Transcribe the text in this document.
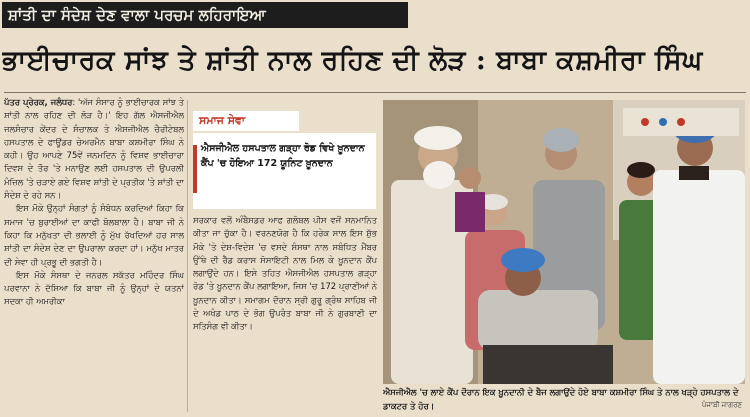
ਸ਼ਾਂਤੀ ਦਾ ਸੰਦੇਸ਼ ਦੇਣ ਵਾਲਾ ਪਰਚਮ ਲਹਿਰਾਇਆ
ਭਾਈਚਾਰਕ ਸਾਂਝ ਤੇ ਸ਼ਾਂਤੀ ਨਾਲ ਰਹਿਣ ਦੀ ਲੋੜ : ਬਾਬਾ ਕਸ਼ਮੀਰਾ ਸਿੰਘ

ਪੱਤਰ ਪ੍ਰੇਰਕ, ਜਲੰਧਰ: 'ਅੱਜ ਸੰਸਾਰ ਨੂੰ ਭਾਈਚਾਰਕ ਸਾਂਝ ਤੇ ਸ਼ਾਂਤੀ ਨਾਲ ਰਹਿਣ ਦੀ ਲੋੜ ਹੈ।' ਇਹ ਗੱਲ ਐਸਜੀਐਲ ਜਲਸੰਚਾਰ ਕੇਂਦਰ ਦੇ ਸੰਚਾਲਕ ਤੇ ਐਸਜੀਐਲ ਚੈਰੀਟੇਬਲ ਹਸਪਤਾਲ ਦੇ ਫਾਊਂਡਰ ਚੇਅਰਮੈਨ ਬਾਬਾ ਕਸ਼ਮੀਰਾ ਸਿੰਘ ਨੇ ਕਹੀ। ਉਹ ਆਪਣੇ 75ਵੇਂ ਜਨਮਦਿਨ ਨੂੰ ਵਿਸ਼ਵ ਭਾਈਚਾਰਾ ਦਿਵਸ ਦੇ ਤੌਰ 'ਤੇ ਮਨਾਉਣ ਲਈ ਹਸਪਤਾਲ ਦੀ ਉਪਰਲੀ ਮੰਜ਼ਿਲ 'ਤੇ ਚੜਾਏ ਗਏ ਵਿਸ਼ਵ ਸ਼ਾਂਤੀ ਦੇ ਪ੍ਰਤੀਕ 'ਤੇ ਸ਼ਾਂਤੀ ਦਾ ਸੰਦੇਸ਼ ਦੇ ਰਹੇ ਸਨ।

ਇਸ ਮੌਕੇ ਉਨ੍ਹਾਂ ਸੰਗਤਾਂ ਨੂੰ ਸੰਬੋਧਨ ਕਰਦਿਆਂ ਕਿਹਾ ਕਿ ਸਮਾਜ 'ਚ ਬੁਰਾਈਆਂ ਦਾ ਕਾਫੀ ਬੋਲਬਾਲਾ ਹੈ। ਬਾਬਾ ਜੀ ਨੇ ਕਿਹਾ ਕਿ ਮਨੁੱਖਤਾ ਦੀ ਭਲਾਈ ਨੂੰ ਮੁੱਖ ਰੱਖਦਿਆਂ ਹਰ ਸਾਲ ਸ਼ਾਂਤੀ ਦਾ ਸੰਦੇਸ਼ ਦੇਣ ਦਾ ਉਪਰਾਲਾ ਕਰਦਾ ਹਾਂ। ਮਨੁੱਖ ਮਾਤਰ ਦੀ ਸੇਵਾ ਹੀ ਪ੍ਰਭੂ ਦੀ ਭਗਤੀ ਹੈ।

ਇਸ ਮੌਕੇ ਸੰਸਥਾ ਦੇ ਜਨਰਲ ਸਕੱਤਰ ਮਹਿੰਦਰ ਸਿੰਘ ਪਰਵਾਨਾ ਨੇ ਦੱਸਿਆ ਕਿ ਬਾਬਾ ਜੀ ਨੂੰ ਉਨ੍ਹਾਂ ਦੇ ਯਤਨਾਂ ਸਦਕਾ ਹੀ ਅਮਰੀਕਾ

ਸਮਾਜ ਸੇਵਾ
ਐਸਜੀਐਲ ਹਸਪਤਾਲ ਗੜ੍ਹਾ ਰੋਡ ਵਿਖੇ ਖ਼ੂਨਦਾਨ ਕੈਂਪ 'ਚ ਹੋਇਆ 172 ਯੂਨਿਟ ਖ਼ੂਨਦਾਨ

ਸਰਕਾਰ ਵਲੋਂ ਅੰਬੈਸਡਰ ਆਫ ਗਲੋਬਲ ਪੀਸ ਵਜੋਂ ਸਨਮਾਨਿਤ ਕੀਤਾ ਜਾ ਚੁੱਕਾ ਹੈ। ਵਰਨਣਯੋਗ ਹੈ ਕਿ ਹਰੇਕ ਸਾਲ ਇਸ ਸ਼ੁੱਭ ਮੌਕੇ 'ਤੇ ਦੇਸ਼-ਵਿਦੇਸ਼ 'ਚ ਵਸਦੇ ਸੰਸਥਾ ਨਾਲ ਸਬੰਧਿਤ ਮੈਂਬਰ ਉੱਥੇ ਦੀ ਰੈੱਡ ਕਰਾਸ ਸੋਸਾਇਟੀ ਨਾਲ ਮਿਲ ਕੇ ਖ਼ੂਨਦਾਨ ਕੈਂਪ ਲਗਾਉਂਦੇ ਹਨ। ਇਸੇ ਤਹਿਤ ਐਸਜੀਐਲ ਹਸਪਤਾਲ ਗੜ੍ਹਾ ਰੋਡ 'ਤੇ ਖ਼ੂਨਦਾਨ ਕੈਂਪ ਲਗਾਇਆ, ਜਿਸ 'ਚ 172 ਪ੍ਰਾਣੀਆਂ ਨੇ ਖ਼ੂਨਦਾਨ ਕੀਤਾ। ਸਮਾਗਮ ਦੌਰਾਨ ਸ੍ਰੀ ਗੁਰੂ ਗ੍ਰੰਥ ਸਾਹਿਬ ਜੀ ਦੇ ਅਖੰਡ ਪਾਠ ਦੇ ਭੋਗ ਉਪਰੰਤ ਬਾਬਾ ਜੀ ਨੇ ਗੁਰਬਾਣੀ ਦਾ ਸਤਿਸੰਗ ਵੀ ਕੀਤਾ।

ਐਸਜੀਐਲ 'ਚ ਲਾਏ ਕੈਂਪ ਦੌਰਾਨ ਇਕ ਖ਼ੂਨਦਾਨੀ ਦੇ ਬੈਜ ਲਗਾਉਂਦੇ ਹੋਏ ਬਾਬਾ ਕਸ਼ਮੀਰਾ ਸਿੰਘ ਤੇ ਨਾਲ ਖੜ੍ਹੇ ਹਸਪਤਾਲ ਦੇ ਡਾਕਟਰ ਤੇ ਹੋਰ।	ਪੰਜਾਬੀ ਜਾਗਰਣ
